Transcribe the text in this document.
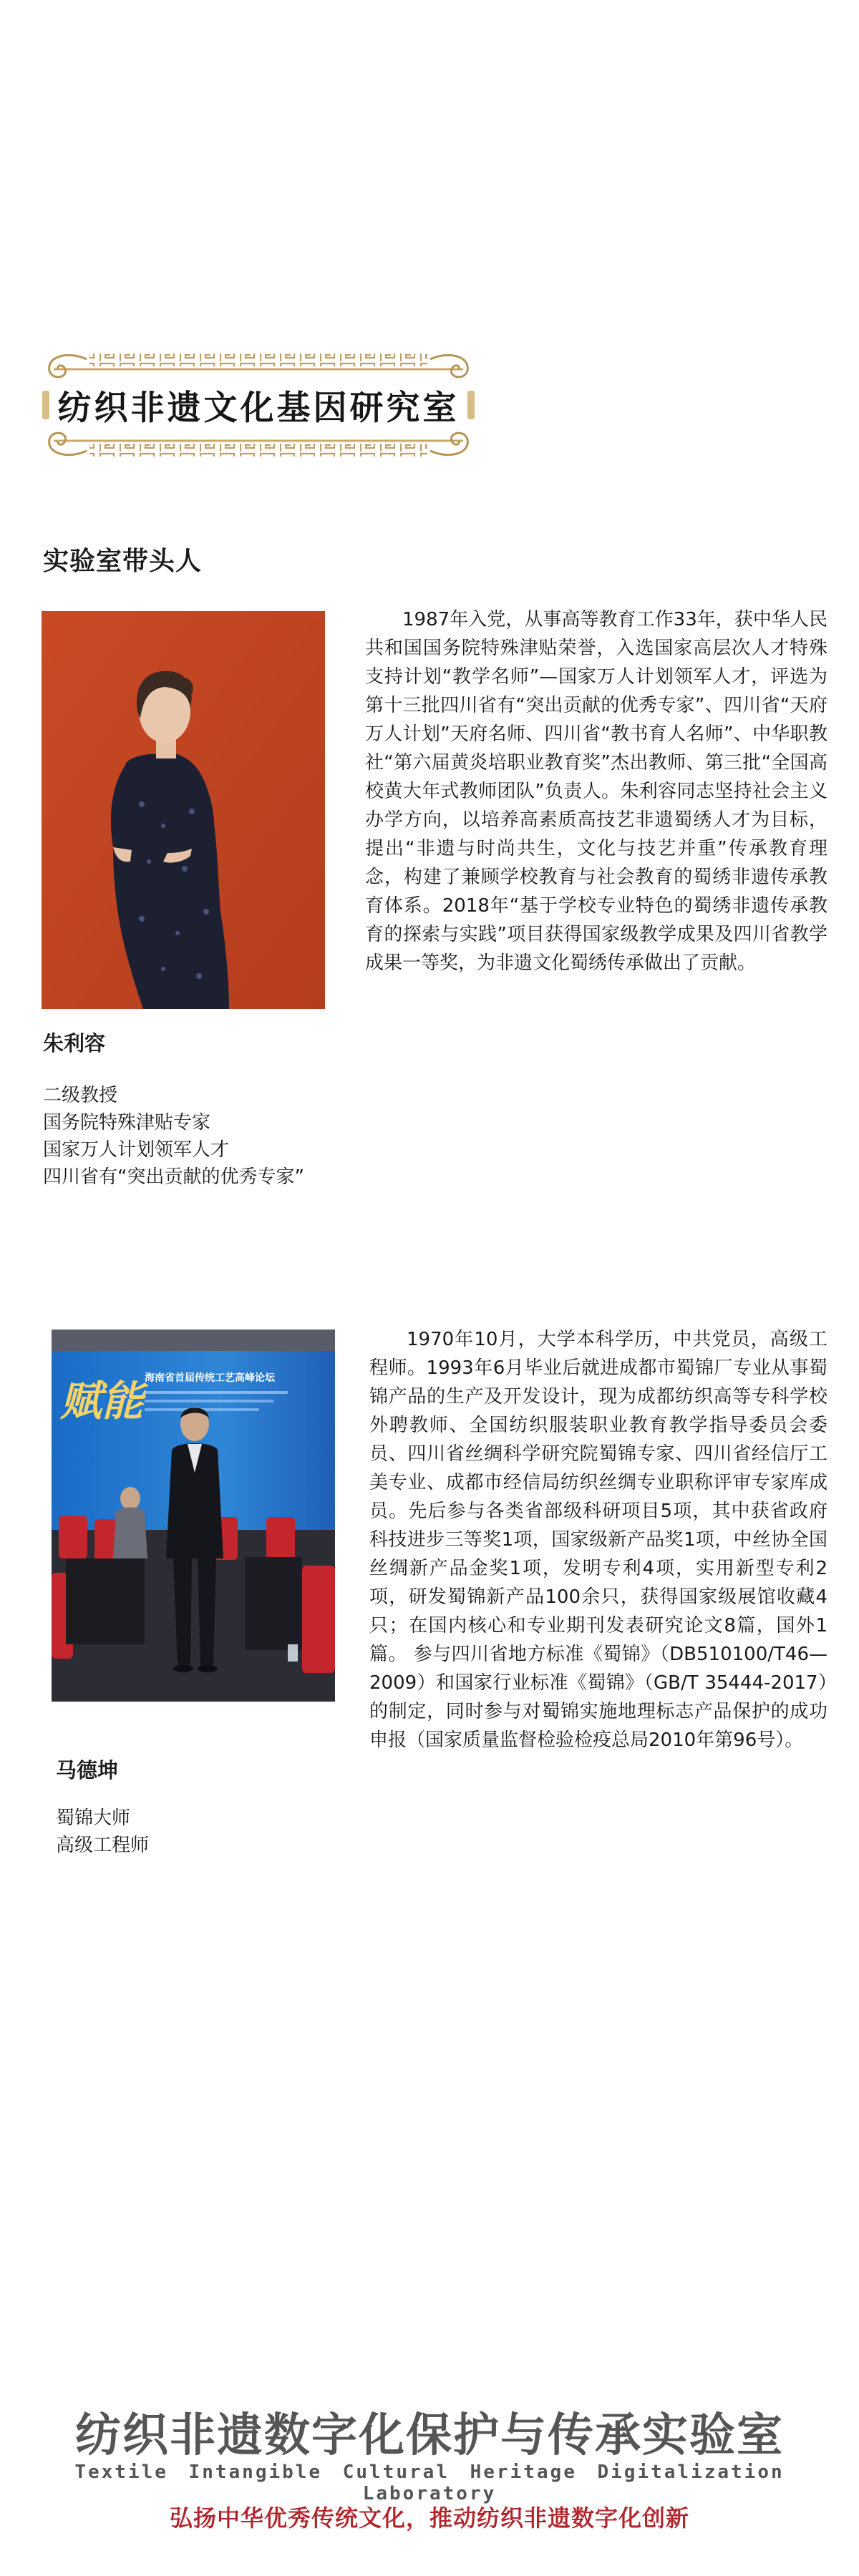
纺织非遗文化基因研究室
实验室带头人
朱利容
二级教授
国务院特殊津贴专家
国家万人计划领军人才
四川省有“突出贡献的优秀专家”

1987年入党，从事高等教育工作33年，获中华人民共和国国务院特殊津贴荣誉，入选国家高层次人才特殊支持计划“教学名师”—国家万人计划领军人才，评选为第十三批四川省有“突出贡献的优秀专家”、四川省“天府万人计划”天府名师、四川省“教书育人名师”、中华职教社“第六届黄炎培职业教育奖”杰出教师、第三批“全国高校黄大年式教师团队”负责人。朱利容同志坚持社会主义办学方向，以培养高素质高技艺非遗蜀绣人才为目标，提出“非遗与时尚共生，文化与技艺并重”传承教育理念，构建了兼顾学校教育与社会教育的蜀绣非遗传承教育体系。2018年“基于学校专业特色的蜀绣非遗传承教育的探索与实践”项目获得国家级教学成果及四川省教学成果一等奖，为非遗文化蜀绣传承做出了贡献。

赋能 海南省首届传统工艺高峰论坛
马德坤
蜀锦大师
高级工程师

1970年10月，大学本科学历，中共党员，高级工程师。1993年6月毕业后就进成都市蜀锦厂专业从事蜀锦产品的生产及开发设计，现为成都纺织高等专科学校外聘教师、全国纺织服装职业教育教学指导委员会委员、四川省丝绸科学研究院蜀锦专家、四川省经信厅工美专业、成都市经信局纺织丝绸专业职称评审专家库成员。先后参与各类省部级科研项目5项，其中获省政府科技进步三等奖1项，国家级新产品奖1项，中丝协全国丝绸新产品金奖1项，发明专利4项，实用新型专利2项，研发蜀锦新产品100余只，获得国家级展馆收藏4只；在国内核心和专业期刊发表研究论文8篇，国外1篇。 参与四川省地方标准《蜀锦》（DB510100/T46—2009）和国家行业标准《蜀锦》（GB/T 35444-2017）的制定，同时参与对蜀锦实施地理标志产品保护的成功申报（国家质量监督检验检疫总局2010年第96号）。

纺织非遗数字化保护与传承实验室
Textile Intangible Cultural Heritage Digitalization Laboratory
弘扬中华优秀传统文化，推动纺织非遗数字化创新
